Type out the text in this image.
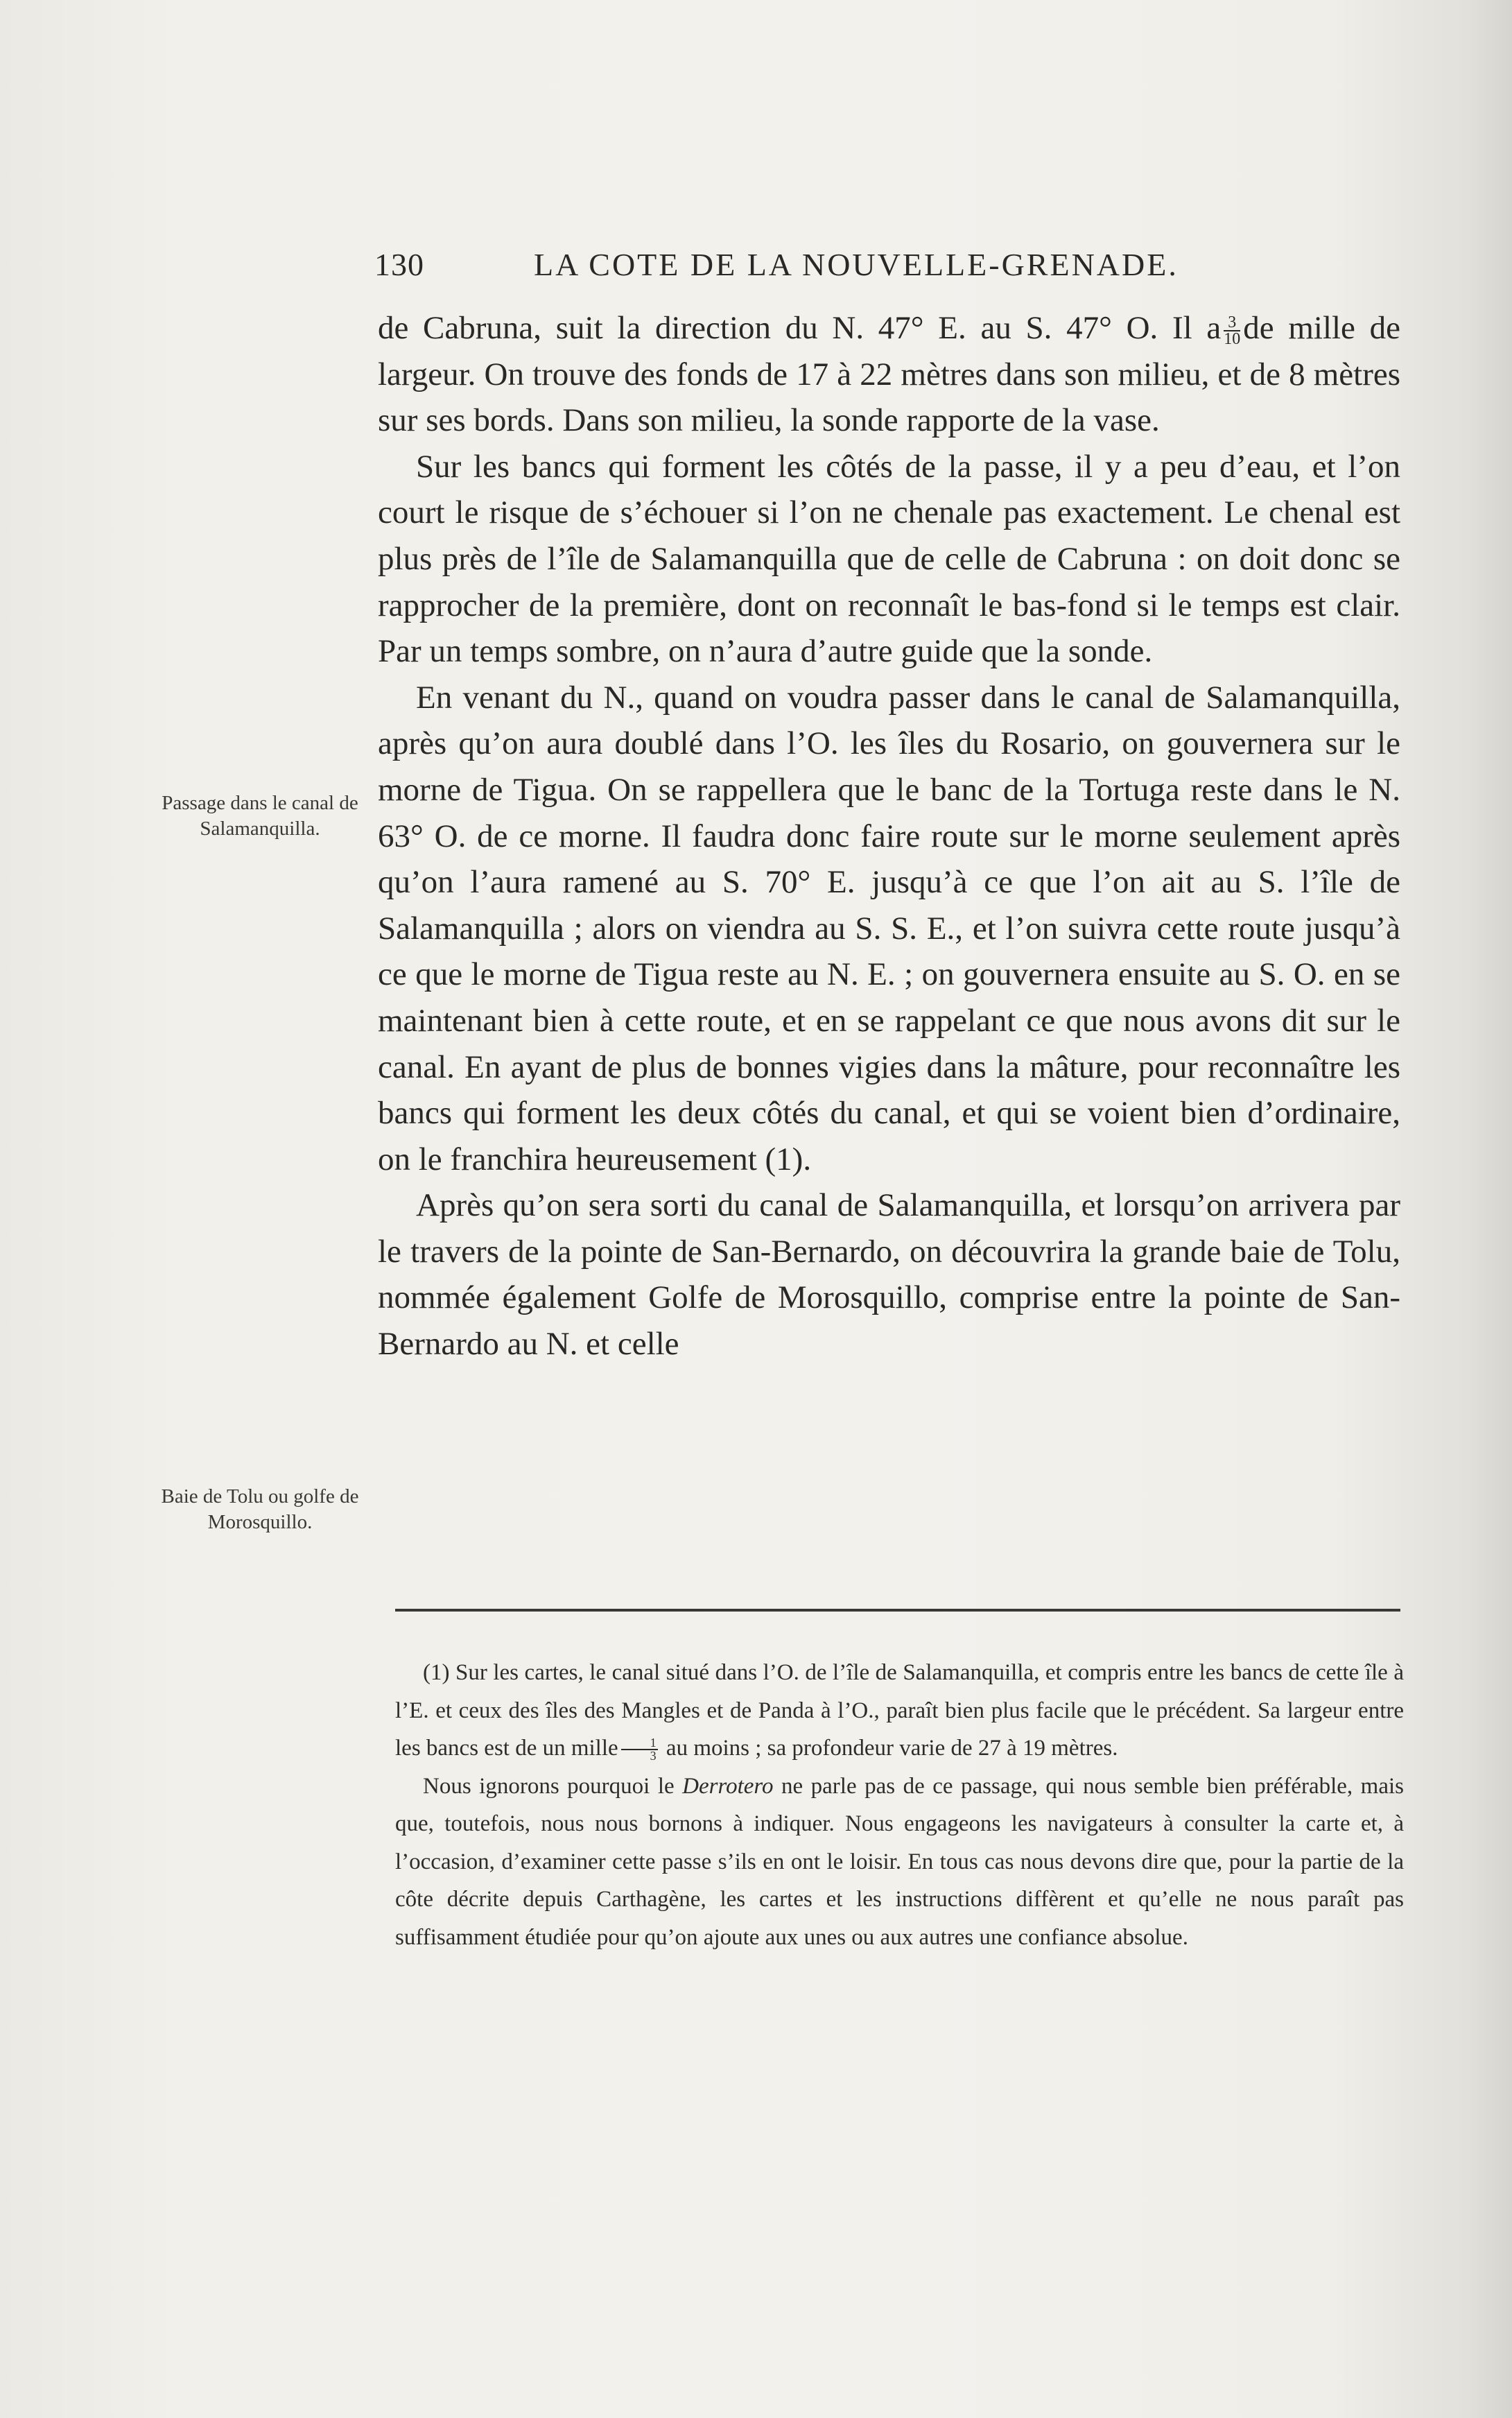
130	LA COTE DE LA NOUVELLE-GRENADE.
Passage dans le canal de Salamanquilla.
Baie de Tolu ou golfe de Morosquillo.

de Cabruna, suit la direction du N. 47° E. au S. 47° O. Il a $\frac{3}{10}$ de mille de largeur. On trouve des fonds de 17 à 22 mètres dans son milieu, et de 8 mètres sur ses bords. Dans son milieu, la sonde rapporte de la vase.

Sur les bancs qui forment les côtés de la passe, il y a peu d’eau, et l’on court le risque de s’échouer si l’on ne chenale pas exactement. Le chenal est plus près de l’île de Salamanquilla que de celle de Cabruna : on doit donc se rapprocher de la première, dont on reconnaît le bas-fond si le temps est clair. Par un temps sombre, on n’aura d’autre guide que la sonde.

En venant du N., quand on voudra passer dans le canal de Salamanquilla, après qu’on aura doublé dans l’O. les îles du Rosario, on gouvernera sur le morne de Tigua. On se rappellera que le banc de la Tortuga reste dans le N. 63° O. de ce morne. Il faudra donc faire route sur le morne seulement après qu’on l’aura ramené au S. 70° E. jusqu’à ce que l’on ait au S. l’île de Salamanquilla ; alors on viendra au S. S. E., et l’on suivra cette route jusqu’à ce que le morne de Tigua reste au N. E. ; on gouvernera ensuite au S. O. en se maintenant bien à cette route, et en se rappelant ce que nous avons dit sur le canal. En ayant de plus de bonnes vigies dans la mâture, pour reconnaître les bancs qui forment les deux côtés du canal, et qui se voient bien d’ordinaire, on le franchira heureusement (1).

Après qu’on sera sorti du canal de Salamanquilla, et lorsqu’on arrivera par le travers de la pointe de San-Bernardo, on découvrira la grande baie de Tolu, nommée également Golfe de Morosquillo, comprise entre la pointe de San-Bernardo au N. et celle

(1) Sur les cartes, le canal situé dans l’O. de l’île de Salamanquilla, et compris entre les bancs de cette île à l’E. et ceux des îles des Mangles et de Panda à l’O., paraît bien plus facile que le précédent. Sa largeur entre les bancs est de un mille $\frac{1}{3}$ au moins ; sa profondeur varie de 27 à 19 mètres.

Nous ignorons pourquoi le Derrotero ne parle pas de ce passage, qui nous semble bien préférable, mais que, toutefois, nous nous bornons à indiquer. Nous engageons les navigateurs à consulter la carte et, à l’occasion, d’examiner cette passe s’ils en ont le loisir. En tous cas nous devons dire que, pour la partie de la côte décrite depuis Carthagène, les cartes et les instructions diffèrent et qu’elle ne nous paraît pas suffisamment étudiée pour qu’on ajoute aux unes ou aux autres une confiance absolue.
